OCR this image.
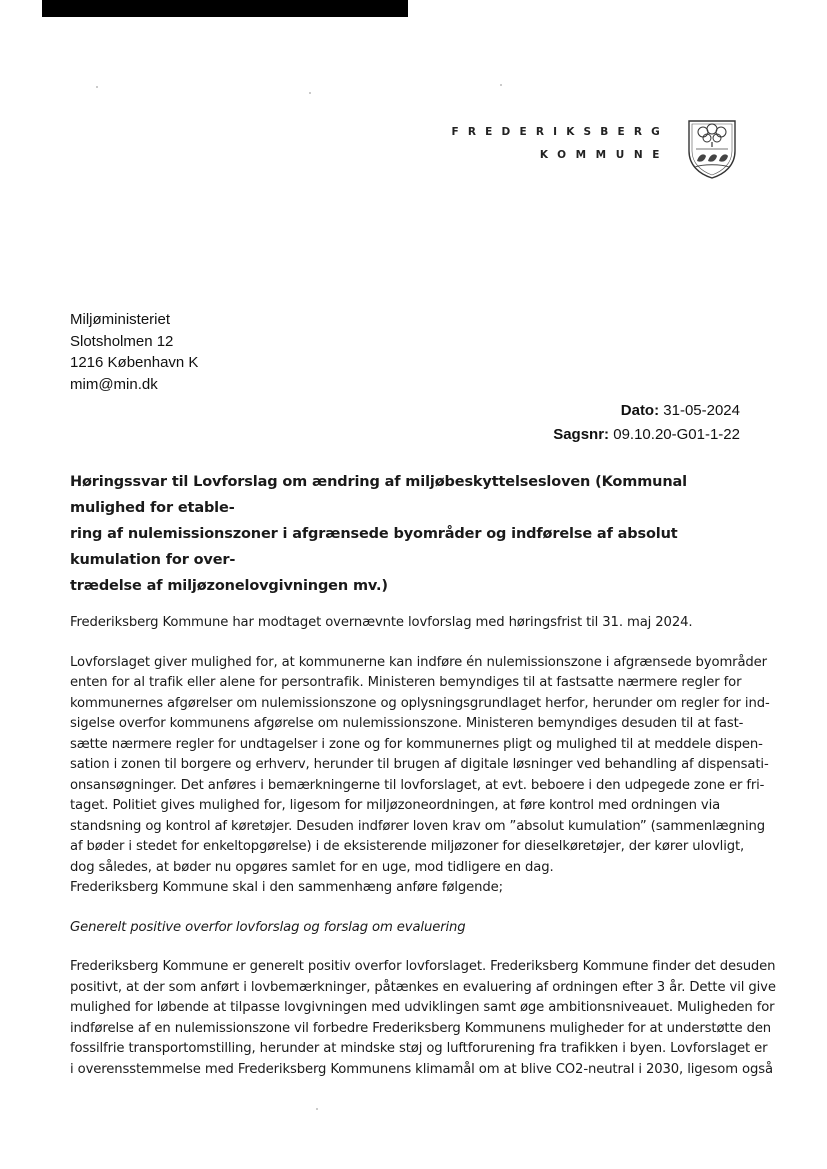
FREDERIKSBERG
KOMMUNE
Miljøministeriet
Slotsholmen 12
1216 København K
mim@min.dk
Dato: 31-05-2024
Sagsnr: 09.10.20-G01-1-22
Høringssvar til Lovforslag om ændring af miljøbeskyttelsesloven (Kommunal mulighed for etable-
ring af nulemissionszoner i afgrænsede byområder og indførelse af absolut kumulation for over-
trædelse af miljøzonelovgivningen mv.)
Frederiksberg Kommune har modtaget overnævnte lovforslag med høringsfrist til 31. maj 2024.
Lovforslaget giver mulighed for, at kommunerne kan indføre én nulemissionszone i afgrænsede byområder
enten for al trafik eller alene for persontrafik. Ministeren bemyndiges til at fastsatte nærmere regler for
kommunernes afgørelser om nulemissionszone og oplysningsgrundlaget herfor, herunder om regler for ind-
sigelse overfor kommunens afgørelse om nulemissionszone. Ministeren bemyndiges desuden til at fast-
sætte nærmere regler for undtagelser i zone og for kommunernes pligt og mulighed til at meddele dispen-
sation i zonen til borgere og erhverv, herunder til brugen af digitale løsninger ved behandling af dispensati-
onsansøgninger. Det anføres i bemærkningerne til lovforslaget, at evt. beboere i den udpegede zone er fri-
taget. Politiet gives mulighed for, ligesom for miljøzoneordningen, at føre kontrol med ordningen via
standsning og kontrol af køretøjer. Desuden indfører loven krav om ”absolut kumulation” (sammenlægning
af bøder i stedet for enkeltopgørelse) i de eksisterende miljøzoner for dieselkøretøjer, der kører ulovligt,
dog således, at bøder nu opgøres samlet for en uge, mod tidligere en dag.
Frederiksberg Kommune skal i den sammenhæng anføre følgende;
Generelt positive overfor lovforslag og forslag om evaluering
Frederiksberg Kommune er generelt positiv overfor lovforslaget. Frederiksberg Kommune finder det desuden
positivt, at der som anført i lovbemærkninger, påtænkes en evaluering af ordningen efter 3 år. Dette vil give
mulighed for løbende at tilpasse lovgivningen med udviklingen samt øge ambitionsniveauet. Muligheden for
indførelse af en nulemissionszone vil forbedre Frederiksberg Kommunens muligheder for at understøtte den
fossilfrie transportomstilling, herunder at mindske støj og luftforurening fra trafikken i byen. Lovforslaget er
i overensstemmelse med Frederiksberg Kommunens klimamål om at blive CO2-neutral i 2030, ligesom også
